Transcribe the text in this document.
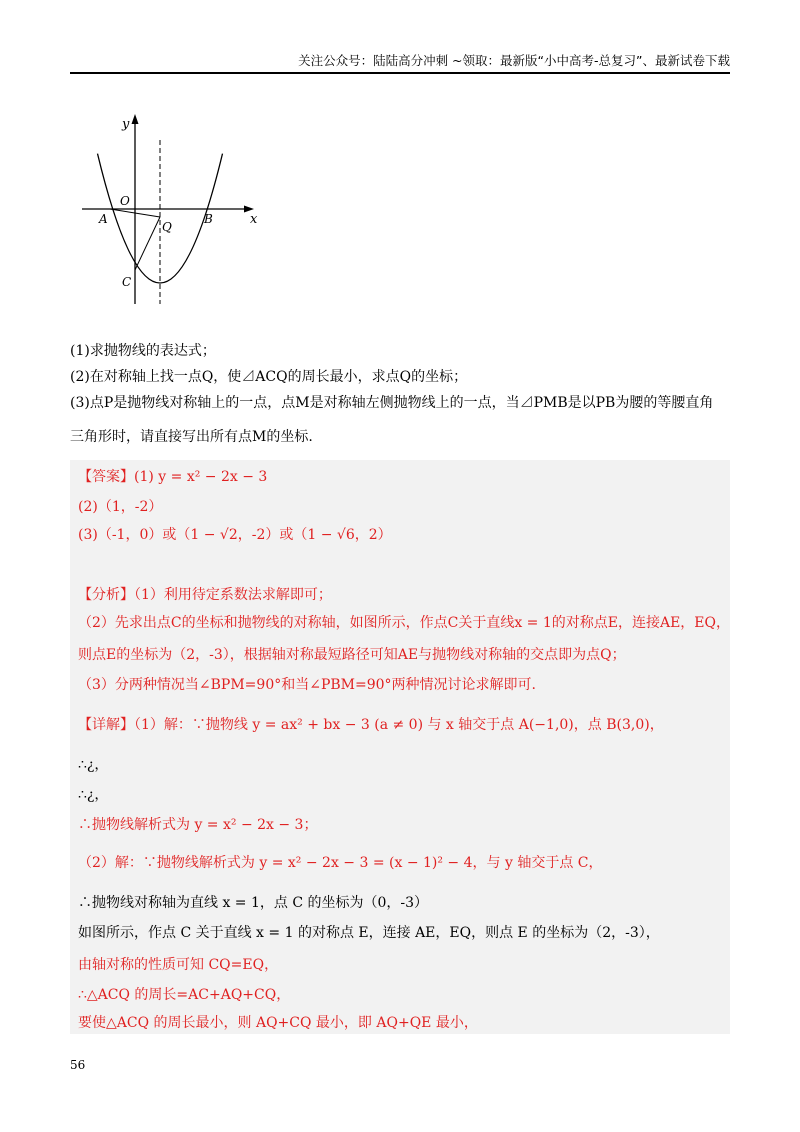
关注公众号：陆陆高分冲刺 ~领取：最新版“小中高考-总复习”、最新试卷下载
y
x
O
A	B
Q
C
(1)求抛物线的表达式；
(2)在对称轴上找一点Q，使⊿ACQ的周长最小，求点Q的坐标；
(3)点P是抛物线对称轴上的一点，点M是对称轴左侧抛物线上的一点，当⊿PMB是以PB为腰的等腰直角
三角形时，请直接写出所有点M的坐标.
【答案】(1) y = x² − 2x − 3
(2)（1，-2）
(3)（-1，0）或（1 − √2，-2）或（1 − √6，2）
【分析】（1）利用待定系数法求解即可；
（2）先求出点C的坐标和抛物线的对称轴，如图所示，作点C关于直线x = 1的对称点E，连接AE，EQ，
则点E的坐标为（2，-3），根据轴对称最短路径可知AE与抛物线对称轴的交点即为点Q；
（3）分两种情况当∠BPM=90°和当∠PBM=90°两种情况讨论求解即可.
【详解】（1）解：∵抛物线 y = ax² + bx − 3 (a ≠ 0) 与 x 轴交于点 A(−1,0)，点 B(3,0)，
∴¿，
∴¿，
∴抛物线解析式为 y = x² − 2x − 3；
（2）解：∵抛物线解析式为 y = x² − 2x − 3 = (x − 1)² − 4，与 y 轴交于点 C，
∴抛物线对称轴为直线 x = 1，点 C 的坐标为（0，-3）
如图所示，作点 C 关于直线 x = 1 的对称点 E，连接 AE，EQ，则点 E 的坐标为（2，-3），
由轴对称的性质可知 CQ=EQ，
∴△ACQ 的周长=AC+AQ+CQ，
要使△ACQ 的周长最小，则 AQ+CQ 最小，即 AQ+QE 最小，
56
